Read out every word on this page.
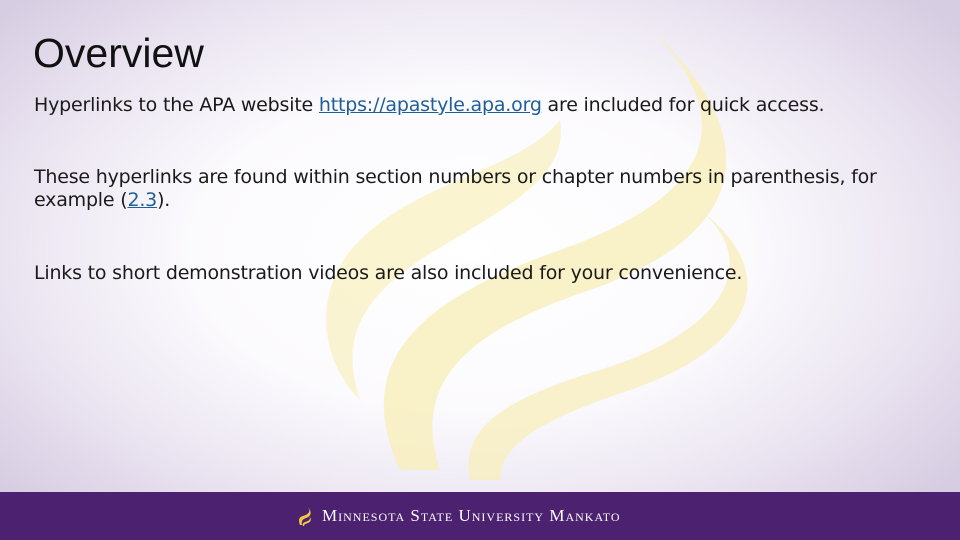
Overview

Hyperlinks to the APA website https://apastyle.apa.org are included for quick access.

These hyperlinks are found within section numbers or chapter numbers in parenthesis, for example (2.3).

Links to short demonstration videos are also included for your convenience.

Minnesota State University Mankato
